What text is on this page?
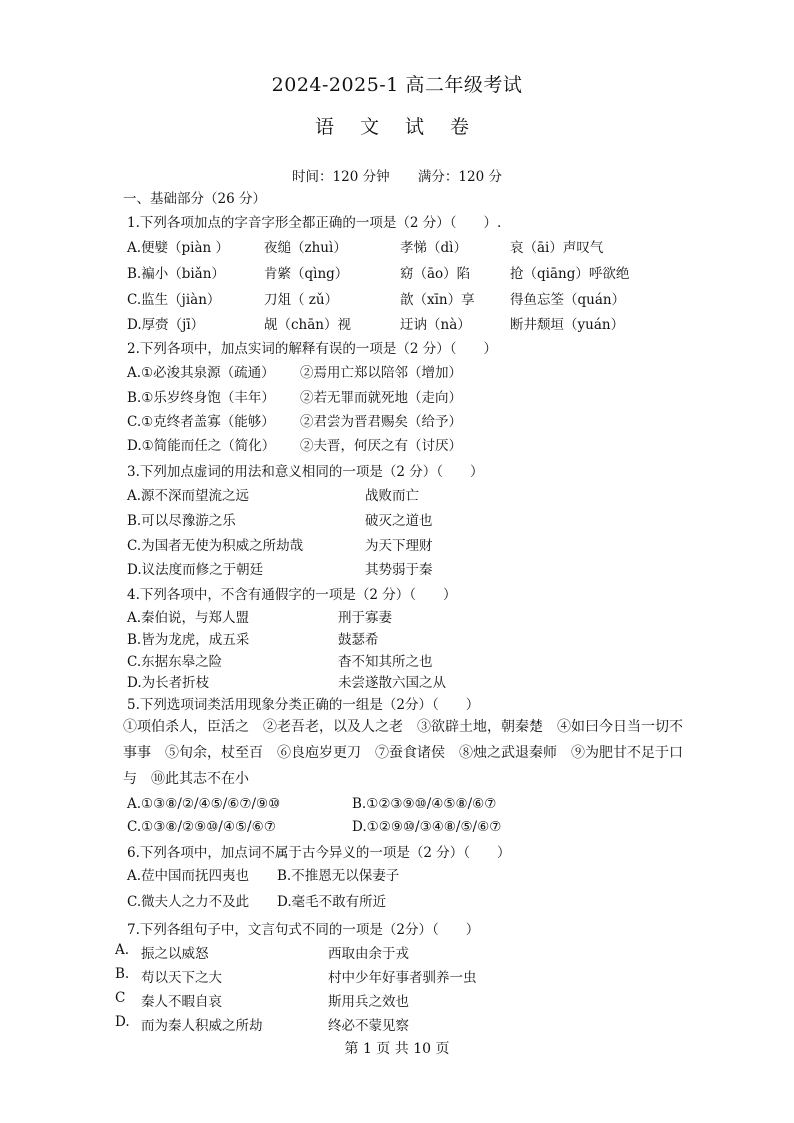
2024-2025-1 高二年级考试
语 文 试 卷
时间：120 分钟 满分：120 分
一、基础部分（26 分）
1.下列各项加点的字音字形全都正确的一项是（2 分）（　　）.
A.便嬖（piàn ）	夜缒（zhuì）	孝悌（dì）	哀（āi）声叹气
B.褊小（biǎn）	肯綮（qìng）	窈（āo）陷	抢（qiāng）呼欲绝
C.监生（jiàn）	刀俎（ zǔ）	歆（xīn）享	得鱼忘筌（quán）
D.厚赍（jī）	觇（chān）视	迂讷（nà）	断井颓垣（yuán）
2.下列各项中，加点实词的解释有误的一项是（2 分）（　　）
A.①必浚其泉源（疏通） ②焉用亡郑以陪邻（增加）
B.①乐岁终身饱（丰年） ②若无罪而就死地（走向）
C.①克终者盖寡（能够） ②君尝为晋君赐矣（给予）
D.①简能而任之（简化） ②夫晋，何厌之有（讨厌）
3.下列加点虚词的用法和意义相同的一项是（2 分）（　　）
A.源不深而望流之远	战败而亡
B.可以尽豫游之乐	破灭之道也
C.为国者无使为积威之所劫哉	为天下理财
D.议法度而修之于朝廷	其势弱于秦
4.下列各项中，不含有通假字的一项是（2 分）（　　）
A.秦伯说，与郑人盟	刑于寡妻
B.皆为龙虎，成五采	鼓瑟希
C.东据东皋之险	杳不知其所之也
D.为长者折枝	未尝遂散六国之从
5.下列选项词类活用现象分类正确的一组是（2分）（　　）
①项伯杀人，臣活之　②老吾老，以及人之老　③欲辟土地，朝秦楚　④如曰今日当一切不
事事　⑤旬余，杖至百　⑥良庖岁更刀　⑦蚕食诸侯　⑧烛之武退秦师　⑨为肥甘不足于口
与　⑩此其志不在小
A.①③⑧/②/④⑤/⑥⑦/⑨⑩	B.①②③⑨⑩/④⑤⑧/⑥⑦
C.①③⑧/②⑨⑩/④⑤/⑥⑦	D.①②⑨⑩/③④⑧/⑤/⑥⑦
6.下列各项中，加点词不属于古今异义的一项是（2 分）（　　）
A.莅中国而抚四夷也 B.不推恩无以保妻子
C.微夫人之力不及此 D.毫毛不敢有所近
7.下列各组句子中，文言句式不同的一项是（2分）（　　）
A. 振之以威怒	西取由余于戎
B. 苟以天下之大	村中少年好事者驯养一虫
C 秦人不暇自哀	斯用兵之效也
D. 而为秦人积威之所劫	终必不蒙见察
第 1 页 共 10 页
